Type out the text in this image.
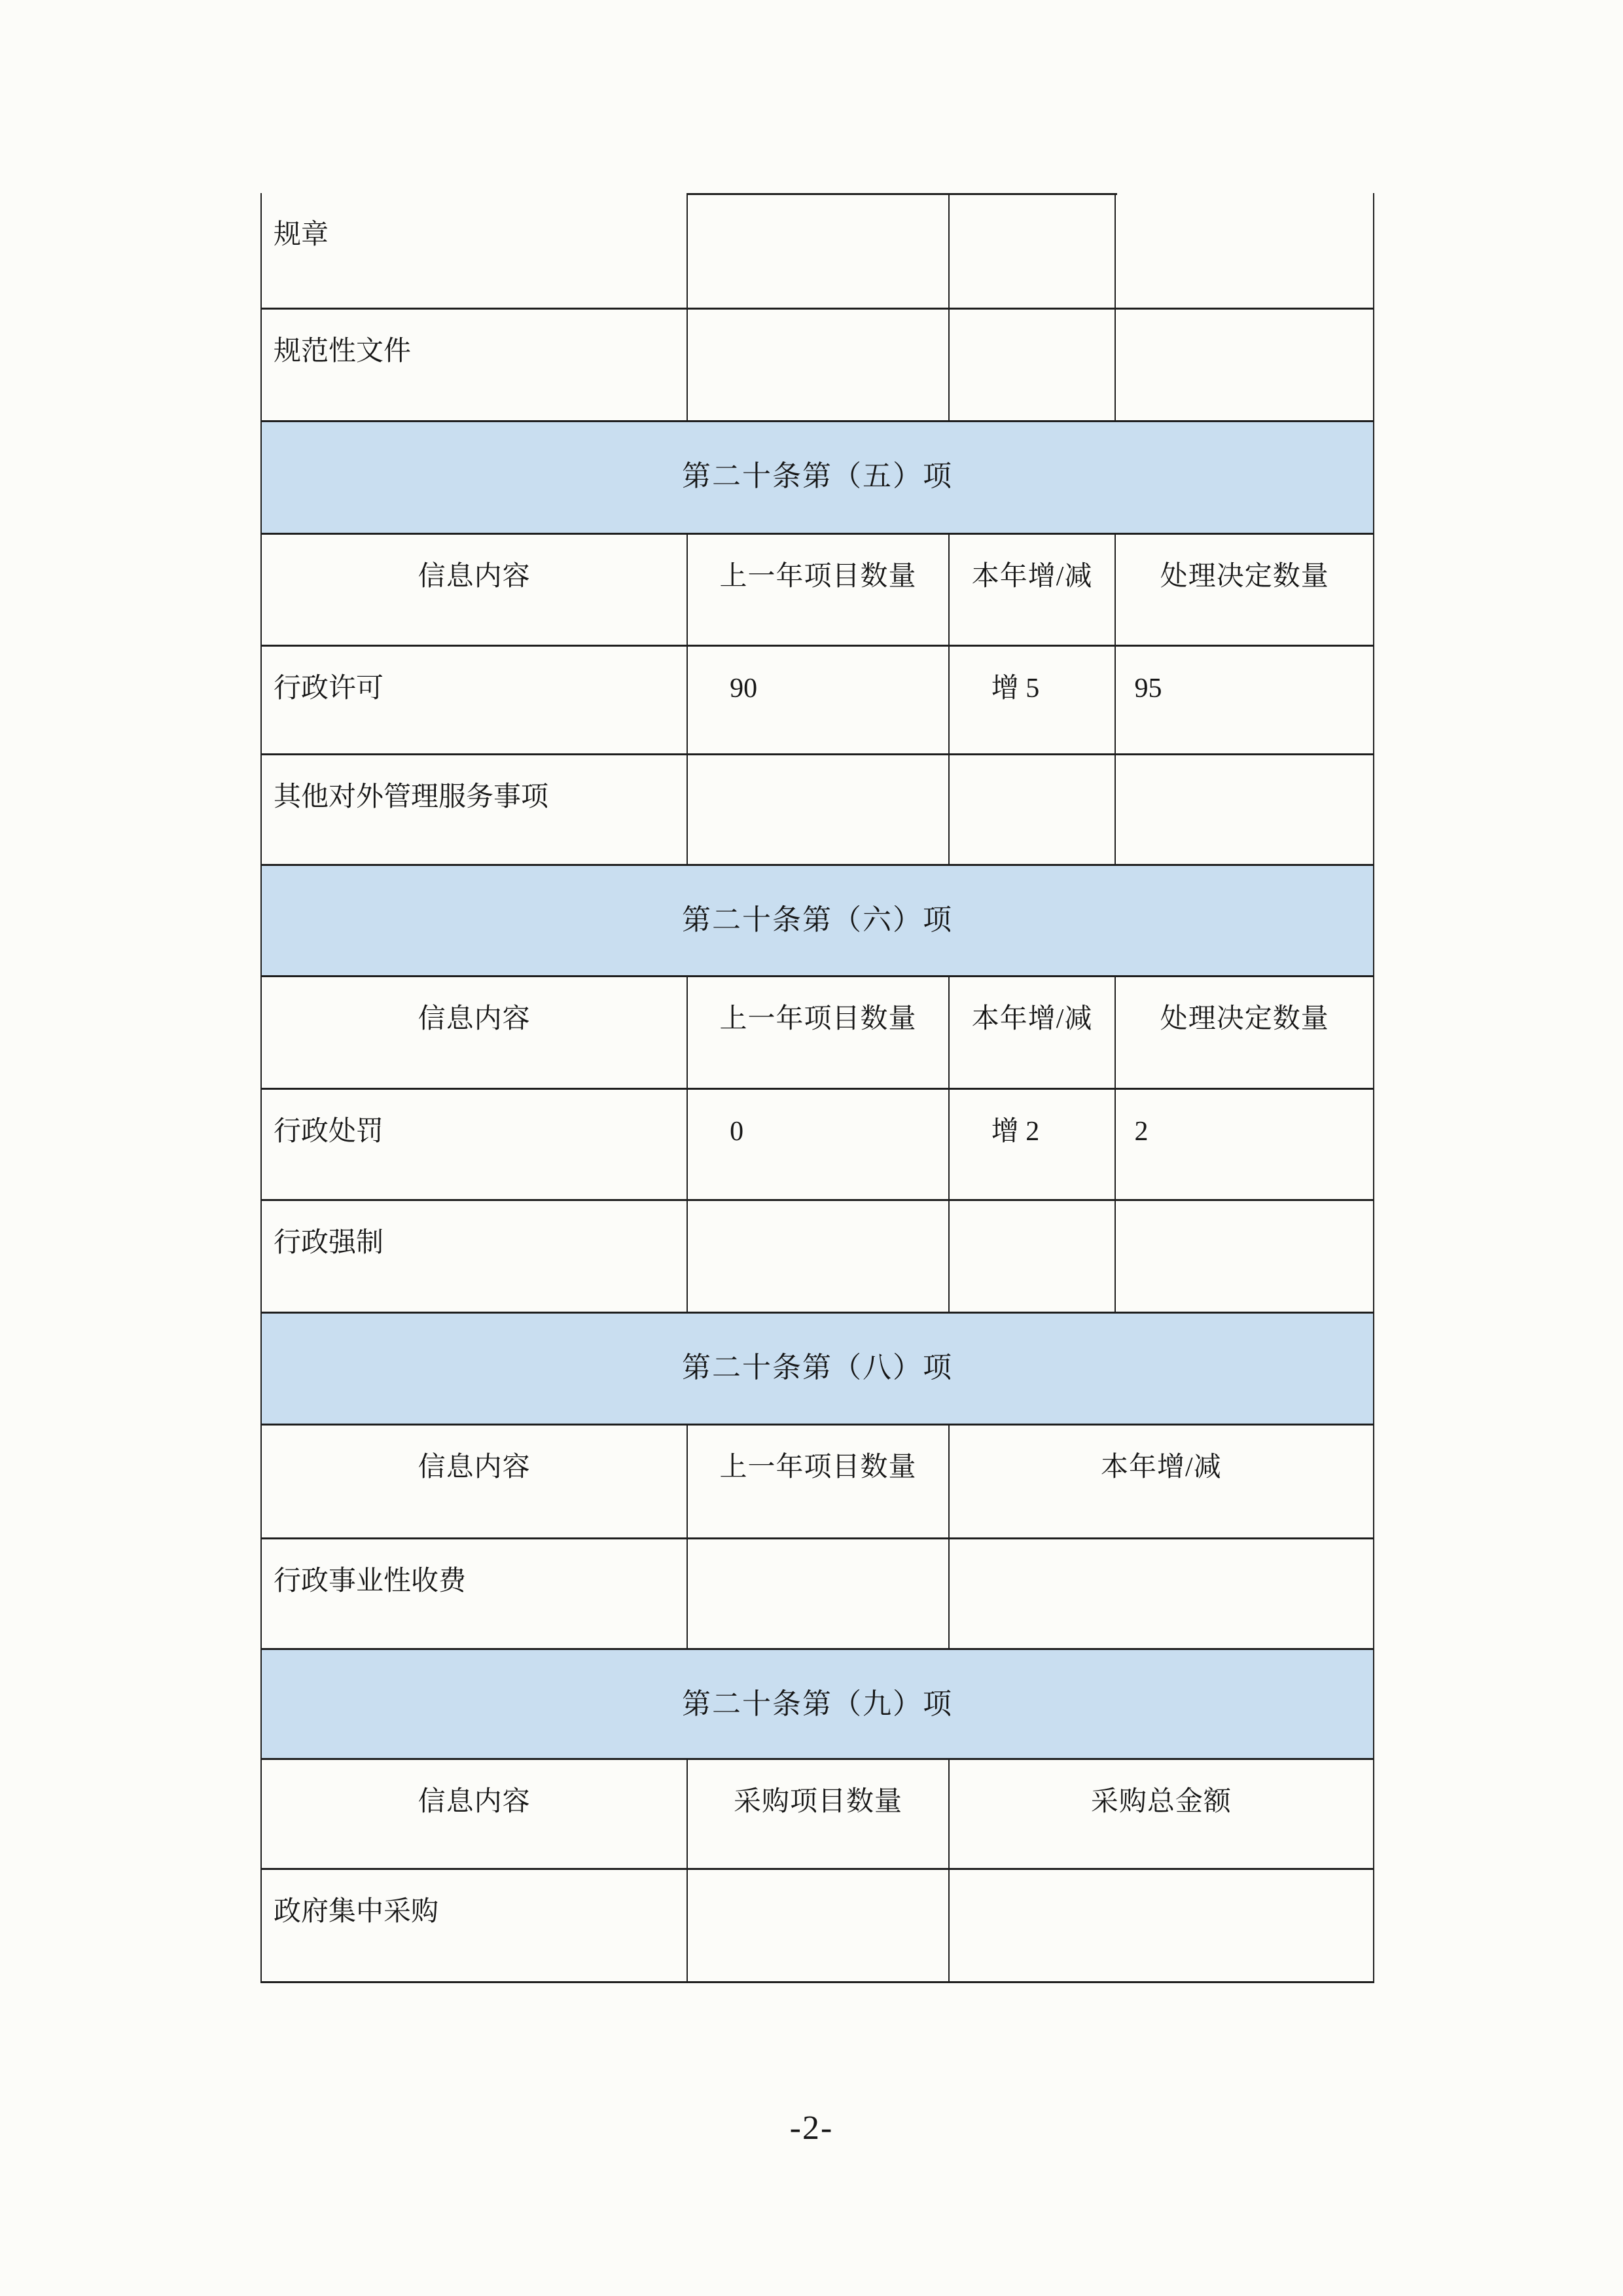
规章
规范性文件
第二十条第（五）项
信息内容	上一年项目数量	本年增/减	处理决定数量
行政许可	90	增 5	95
其他对外管理服务事项
第二十条第（六）项
信息内容	上一年项目数量	本年增/减	处理决定数量
行政处罚	0	增 2	2
行政强制
第二十条第（八）项
信息内容	上一年项目数量	本年增/减
行政事业性收费
第二十条第（九）项
信息内容	采购项目数量	采购总金额
政府集中采购
-2-
